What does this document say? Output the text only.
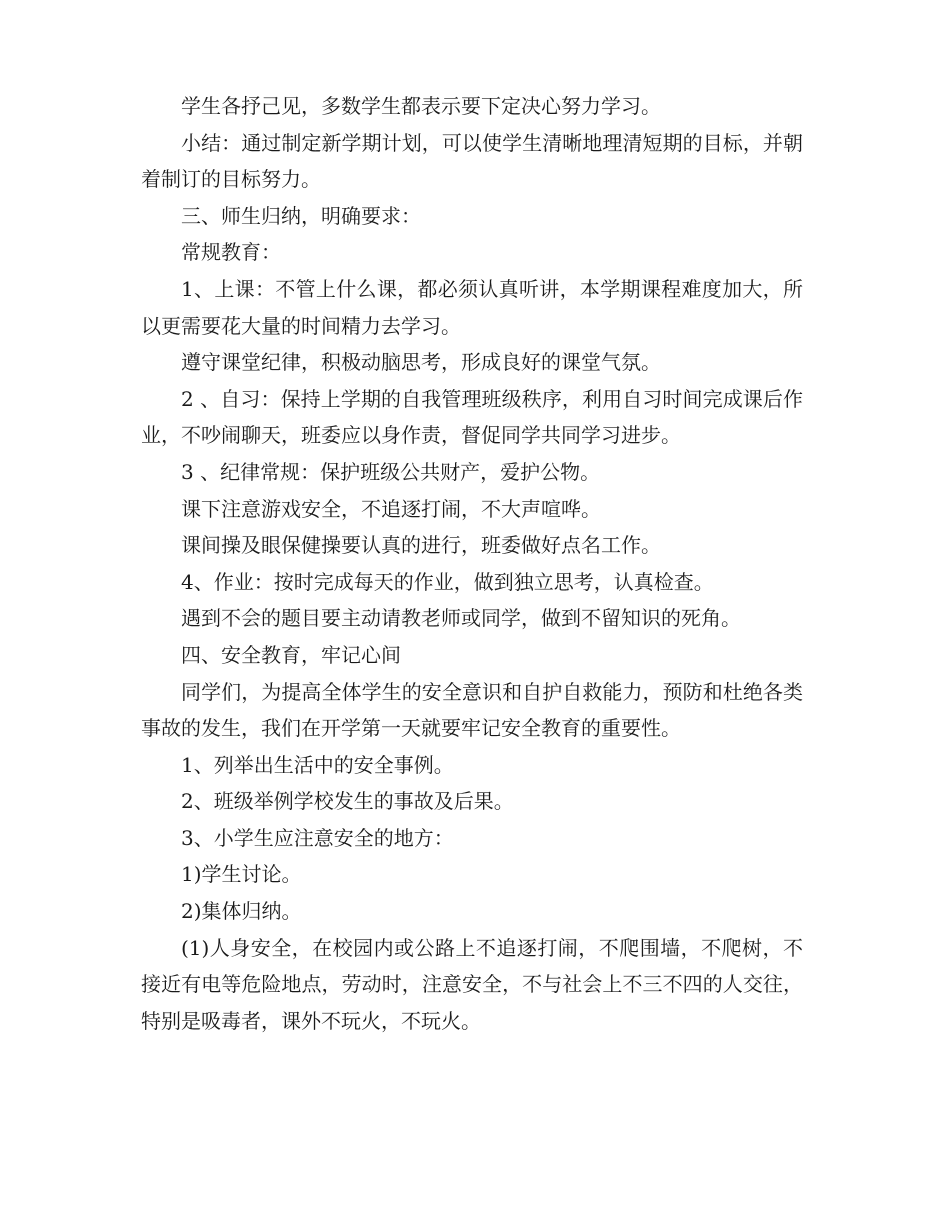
学生各抒己见，多数学生都表示要下定决心努力学习。

小结：通过制定新学期计划，可以使学生清晰地理清短期的目标，并朝着制订的目标努力。

三、师生归纳，明确要求：

常规教育：

1、上课：不管上什么课，都必须认真听讲，本学期课程难度加大，所以更需要花大量的时间精力去学习。

遵守课堂纪律，积极动脑思考，形成良好的课堂气氛。

2 、自习：保持上学期的自我管理班级秩序，利用自习时间完成课后作业，不吵闹聊天，班委应以身作责，督促同学共同学习进步。

3 、纪律常规：保护班级公共财产，爱护公物。

课下注意游戏安全，不追逐打闹，不大声喧哗。

课间操及眼保健操要认真的进行，班委做好点名工作。

4、作业：按时完成每天的作业，做到独立思考，认真检查。

遇到不会的题目要主动请教老师或同学，做到不留知识的死角。

四、安全教育，牢记心间

同学们，为提高全体学生的安全意识和自护自救能力，预防和杜绝各类事故的发生，我们在开学第一天就要牢记安全教育的重要性。

1、列举出生活中的安全事例。

2、班级举例学校发生的事故及后果。

3、小学生应注意安全的地方：

1)学生讨论。

2)集体归纳。

(1)人身安全，在校园内或公路上不追逐打闹，不爬围墙，不爬树，不接近有电等危险地点，劳动时，注意安全，不与社会上不三不四的人交往，特别是吸毒者，课外不玩火，不玩火。
